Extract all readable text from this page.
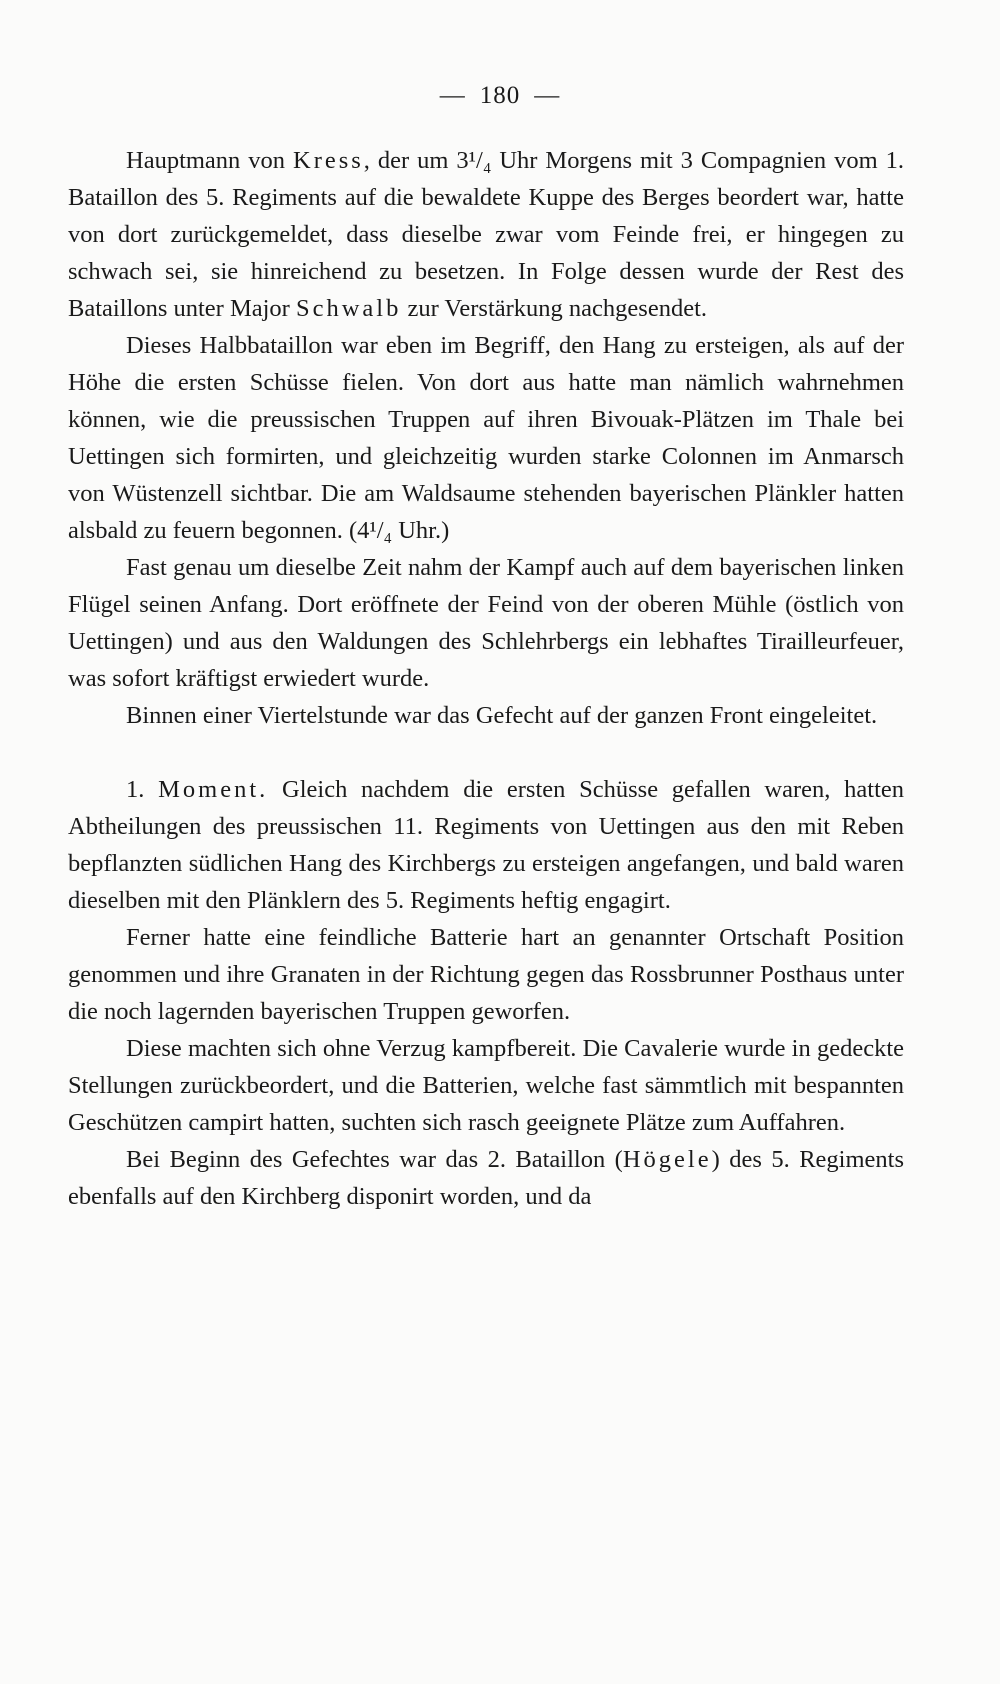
— 180 —

Hauptmann von Kress, der um 3¹/₄ Uhr Morgens mit 3 Compagnien vom 1. Bataillon des 5. Regiments auf die bewaldete Kuppe des Berges beordert war, hatte von dort zurückgemeldet, dass dieselbe zwar vom Feinde frei, er hingegen zu schwach sei, sie hinreichend zu besetzen. In Folge dessen wurde der Rest des Bataillons unter Major Schwalb zur Verstärkung nachgesendet.

Dieses Halbbataillon war eben im Begriff, den Hang zu ersteigen, als auf der Höhe die ersten Schüsse fielen. Von dort aus hatte man nämlich wahrnehmen können, wie die preussischen Truppen auf ihren Bivouak-Plätzen im Thale bei Uettingen sich formirten, und gleichzeitig wurden starke Colonnen im Anmarsch von Wüstenzell sichtbar. Die am Waldsaume stehenden bayerischen Plänkler hatten alsbald zu feuern begonnen. (4¹/₄ Uhr.)

Fast genau um dieselbe Zeit nahm der Kampf auch auf dem bayerischen linken Flügel seinen Anfang. Dort eröffnete der Feind von der oberen Mühle (östlich von Uettingen) und aus den Waldungen des Schlehrbergs ein lebhaftes Tirailleurfeuer, was sofort kräftigst erwiedert wurde.

Binnen einer Viertelstunde war das Gefecht auf der ganzen Front eingeleitet.

1. Moment. Gleich nachdem die ersten Schüsse gefallen waren, hatten Abtheilungen des preussischen 11. Regiments von Uettingen aus den mit Reben bepflanzten südlichen Hang des Kirchbergs zu ersteigen angefangen, und bald waren dieselben mit den Plänklern des 5. Regiments heftig engagirt.

Ferner hatte eine feindliche Batterie hart an genannter Ortschaft Position genommen und ihre Granaten in der Richtung gegen das Rossbrunner Posthaus unter die noch lagernden bayerischen Truppen geworfen.

Diese machten sich ohne Verzug kampfbereit. Die Cavalerie wurde in gedeckte Stellungen zurückbeordert, und die Batterien, welche fast sämmtlich mit bespannten Geschützen campirt hatten, suchten sich rasch geeignete Plätze zum Auffahren.

Bei Beginn des Gefechtes war das 2. Bataillon (Högele) des 5. Regiments ebenfalls auf den Kirchberg disponirt worden, und da
